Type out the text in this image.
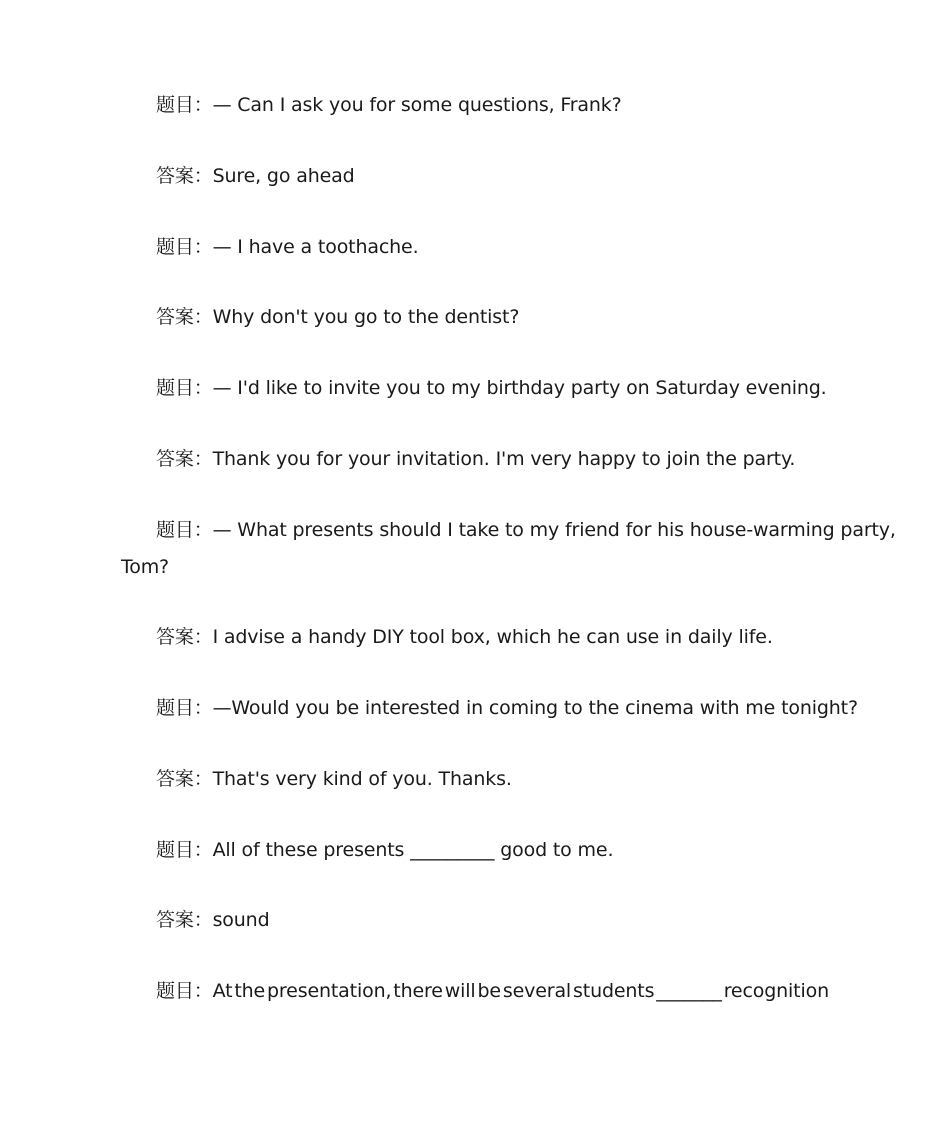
题目：— Can I ask you for some questions, Frank?
答案：Sure, go ahead
题目：— I have a toothache.
答案：Why don't you go to the dentist?
题目：— I'd like to invite you to my birthday party on Saturday evening.
答案：Thank you for your invitation. I'm very happy to join the party.
题目：— What presents should I take to my friend for his house-warming party,
Tom?
答案：I advise a handy DIY tool box, which he can use in daily life.
题目：—Would you be interested in coming to the cinema with me tonight?
答案：That's very kind of you. Thanks.
题目：All of these presents _________ good to me.
答案：sound
题目：At the presentation, there will be several students _______ recognition
